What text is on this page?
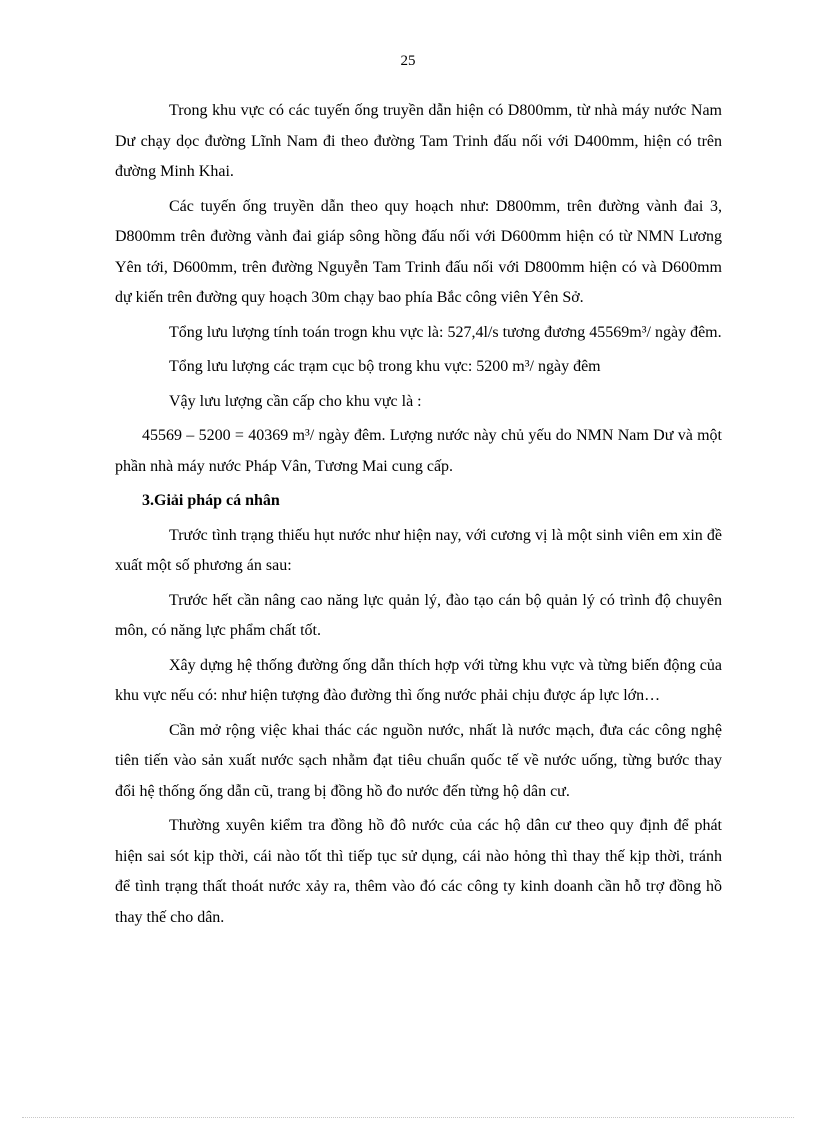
25

Trong khu vực có các tuyến ống truyền dẫn hiện có D800mm, từ nhà máy nước Nam Dư chạy dọc đường Lĩnh Nam đi theo đường Tam Trinh đấu nối với D400mm, hiện có trên đường Minh Khai.

Các tuyến ống truyền dẫn theo quy hoạch như: D800mm, trên đường vành đai 3, D800mm trên đường vành đai giáp sông hồng đấu nối với D600mm hiện có từ NMN Lương Yên tới, D600mm, trên đường Nguyễn Tam Trinh đấu nối với D800mm hiện có và D600mm dự kiến trên đường quy hoạch 30m chạy bao phía Bắc công viên Yên Sở.

Tổng lưu lượng tính toán trogn khu vực là: 527,4l/s tương đương 45569m³/ ngày đêm.

Tổng lưu lượng các trạm cục bộ trong khu vực: 5200 m³/ ngày đêm

Vậy lưu lượng cần cấp cho khu vực là :

45569 – 5200 = 40369 m³/ ngày đêm. Lượng nước này chủ yếu do NMN Nam Dư và một phần nhà máy nước Pháp Vân, Tương Mai cung cấp.

3.Giải pháp cá nhân

Trước tình trạng thiếu hụt nước như hiện nay, với cương vị là một sinh viên em xin đề xuất một số phương án sau:

Trước hết cần nâng cao năng lực quản lý, đào tạo cán bộ quản lý có trình độ chuyên môn, có năng lực phẩm chất tốt.

Xây dựng hệ thống đường ống dẫn thích hợp với từng khu vực và từng biến động của khu vực nếu có: như hiện tượng đào đường thì ống nước phải chịu được áp lực lớn…

Cần mở rộng việc khai thác các nguồn nước, nhất là nước mạch, đưa các công nghệ tiên tiến vào sản xuất nước sạch nhằm đạt tiêu chuẩn quốc tế về nước uống, từng bước thay đổi hệ thống ống dẫn cũ, trang bị đồng hồ đo nước đến từng hộ dân cư.

Thường xuyên kiểm tra đồng hồ đô nước của các hộ dân cư theo quy định để phát hiện sai sót kịp thời, cái nào tốt thì tiếp tục sử dụng, cái nào hỏng thì thay thế kịp thời, tránh để tình trạng thất thoát nước xảy ra, thêm vào đó các công ty kinh doanh cần hỗ trợ đồng hồ thay thế cho dân.
